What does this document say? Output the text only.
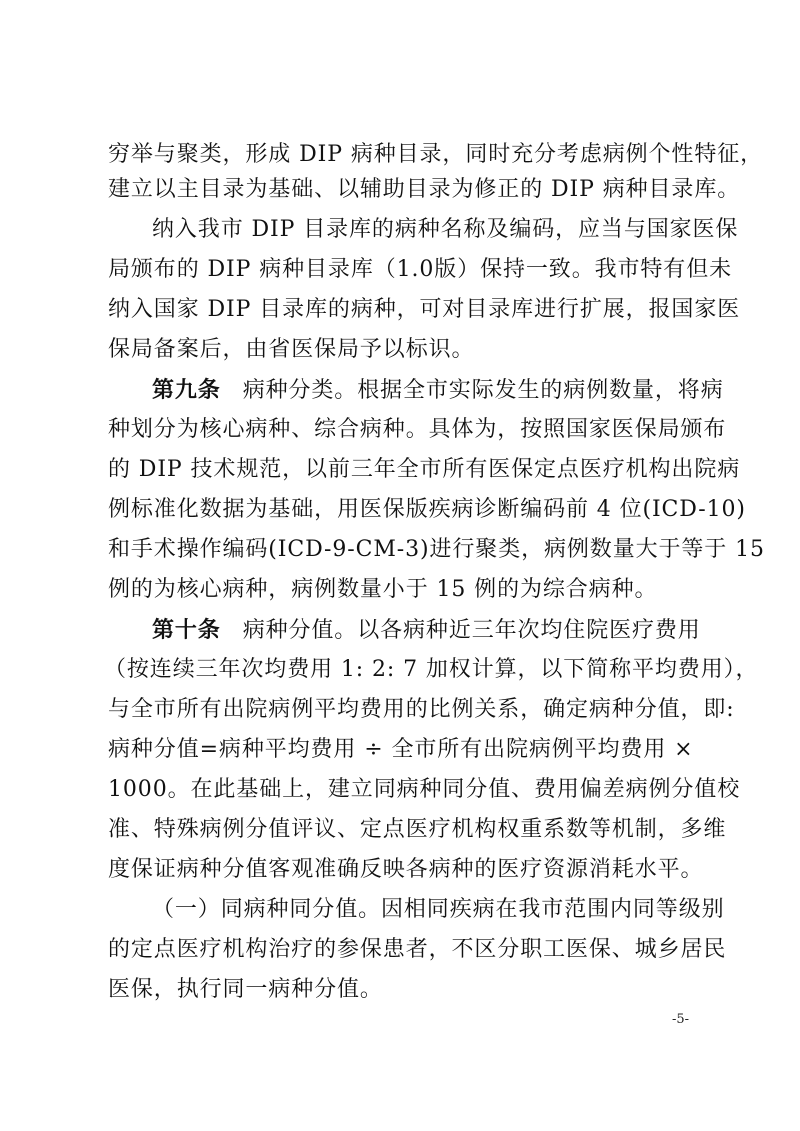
穷举与聚类，形成 DIP 病种目录，同时充分考虑病例个性特征，
建立以主目录为基础、以辅助目录为修正的 DIP 病种目录库。
纳入我市 DIP 目录库的病种名称及编码，应当与国家医保
局颁布的 DIP 病种目录库（1.0版）保持一致。我市特有但未
纳入国家 DIP 目录库的病种，可对目录库进行扩展，报国家医
保局备案后，由省医保局予以标识。
第九条 病种分类。根据全市实际发生的病例数量，将病
种划分为核心病种、综合病种。具体为，按照国家医保局颁布
的 DIP 技术规范，以前三年全市所有医保定点医疗机构出院病
例标准化数据为基础，用医保版疾病诊断编码前 4 位(ICD-10)
和手术操作编码(ICD-9-CM-3)进行聚类，病例数量大于等于 15
例的为核心病种，病例数量小于 15 例的为综合病种。
第十条 病种分值。以各病种近三年次均住院医疗费用
（按连续三年次均费用 1: 2: 7 加权计算，以下简称平均费用），
与全市所有出院病例平均费用的比例关系，确定病种分值，即:
病种分值=病种平均费用 ÷ 全市所有出院病例平均费用 ×
1000。在此基础上，建立同病种同分值、费用偏差病例分值校
准、特殊病例分值评议、定点医疗机构权重系数等机制，多维
度保证病种分值客观准确反映各病种的医疗资源消耗水平。
（一）同病种同分值。因相同疾病在我市范围内同等级别
的定点医疗机构治疗的参保患者，不区分职工医保、城乡居民
医保，执行同一病种分值。
-5-
